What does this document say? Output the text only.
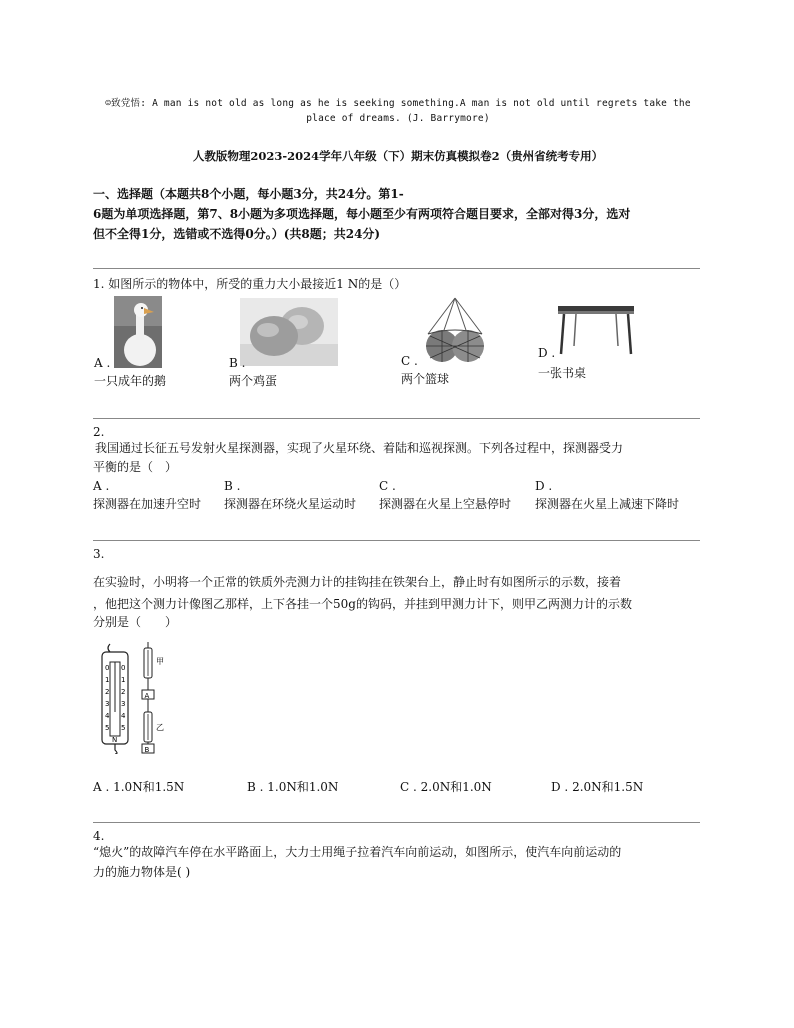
☺致党悟: A man is not old as long as he is seeking something.A man is not old until regrets take the place of dreams. (J. Barrymore)
人教版物理2023-2024学年八年级（下）期末仿真模拟卷2（贵州省统考专用）
一、选择题（本题共8个小题，每小题3分，共24分。第1-
6题为单项选择题，第7、8小题为多项选择题，每小题至少有两项符合题目要求，全部对得3分，选对
但不全得1分，选错或不选得0分。）(共8题；共24分)
1. 如图所示的物体中，所受的重力大小最接近1 N的是（）
A .
一只成年的鹅
B .
两个鸡蛋
C .
两个篮球
D .
一张书桌
2.
我国通过长征五号发射火星探测器，实现了火星环绕、着陆和巡视探测。下列各过程中，探测器受力
平衡的是（　）
A .
探测器在加速升空时
B .
探测器在环绕火星运动时
C .
探测器在火星上空悬停时
D .
探测器在火星上减速下降时
3.
在实验时，小明将一个正常的铁质外壳测力计的挂钩挂在铁架台上，静止时有如图所示的示数，接着
，他把这个测力计像图乙那样，上下各挂一个50g的钩码，并挂到甲测力计下，则甲乙两测力计的示数
分别是（　　）
0
1
2
3
4
5
N
0
1
2
3
4
5
甲
A
乙
B
A . 1.0N和1.5N	B . 1.0N和1.0N	C . 2.0N和1.0N	D . 2.0N和1.5N
4.
“熄火”的故障汽车停在水平路面上，大力士用绳子拉着汽车向前运动，如图所示，使汽车向前运动的
力的施力物体是( )
